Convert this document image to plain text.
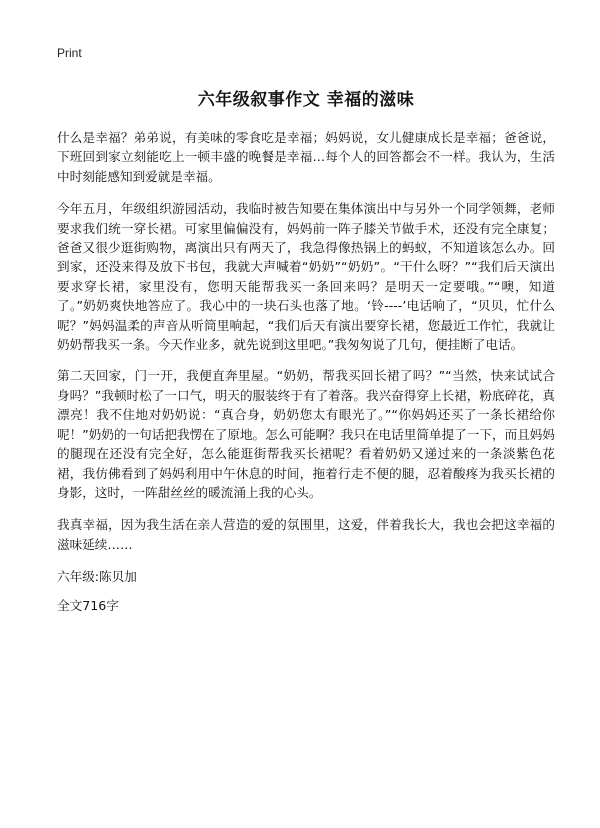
Print
六年级叙事作文 幸福的滋味
什么是幸福？弟弟说，有美味的零食吃是幸福；妈妈说，女儿健康成长是幸福；爸爸说，下班回到家立刻能吃上一顿丰盛的晚餐是幸福…每个人的回答都会不一样。我认为，生活中时刻能感知到爱就是幸福。
今年五月，年级组织游园活动，我临时被告知要在集体演出中与另外一个同学领舞，老师要求我们统一穿长裙。可家里偏偏没有，妈妈前一阵子膝关节做手术，还没有完全康复；爸爸又很少逛街购物，离演出只有两天了，我急得像热锅上的蚂蚁，不知道该怎么办。回到家，还没来得及放下书包，我就大声喊着“奶奶”“奶奶”。“干什么呀？”“我们后天演出要求穿长裙，家里没有，您明天能帮我买一条回来吗？是明天一定要哦。”“噢，知道了。”奶奶爽快地答应了。我心中的一块石头也落了地。‘铃----’电话响了，“贝贝，忙什么呢？”妈妈温柔的声音从听筒里响起，“我们后天有演出要穿长裙，您最近工作忙，我就让奶奶帮我买一条。今天作业多，就先说到这里吧。”我匆匆说了几句，便挂断了电话。
第二天回家，门一开，我便直奔里屋。“奶奶，帮我买回长裙了吗？”“当然，快来试试合身吗？”我顿时松了一口气，明天的服装终于有了着落。我兴奋得穿上长裙，粉底碎花，真漂亮！我不住地对奶奶说：“真合身，奶奶您太有眼光了。”“你妈妈还买了一条长裙给你呢！”奶奶的一句话把我愣在了原地。怎么可能啊？我只在电话里简单提了一下，而且妈妈的腿现在还没有完全好，怎么能逛街帮我买长裙呢？看着奶奶又递过来的一条淡紫色花裙，我仿佛看到了妈妈利用中午休息的时间，拖着行走不便的腿，忍着酸疼为我买长裙的身影，这时，一阵甜丝丝的暖流涌上我的心头。
我真幸福，因为我生活在亲人营造的爱的氛围里，这爱，伴着我长大，我也会把这幸福的滋味延续……
六年级:陈贝加
全文716字
